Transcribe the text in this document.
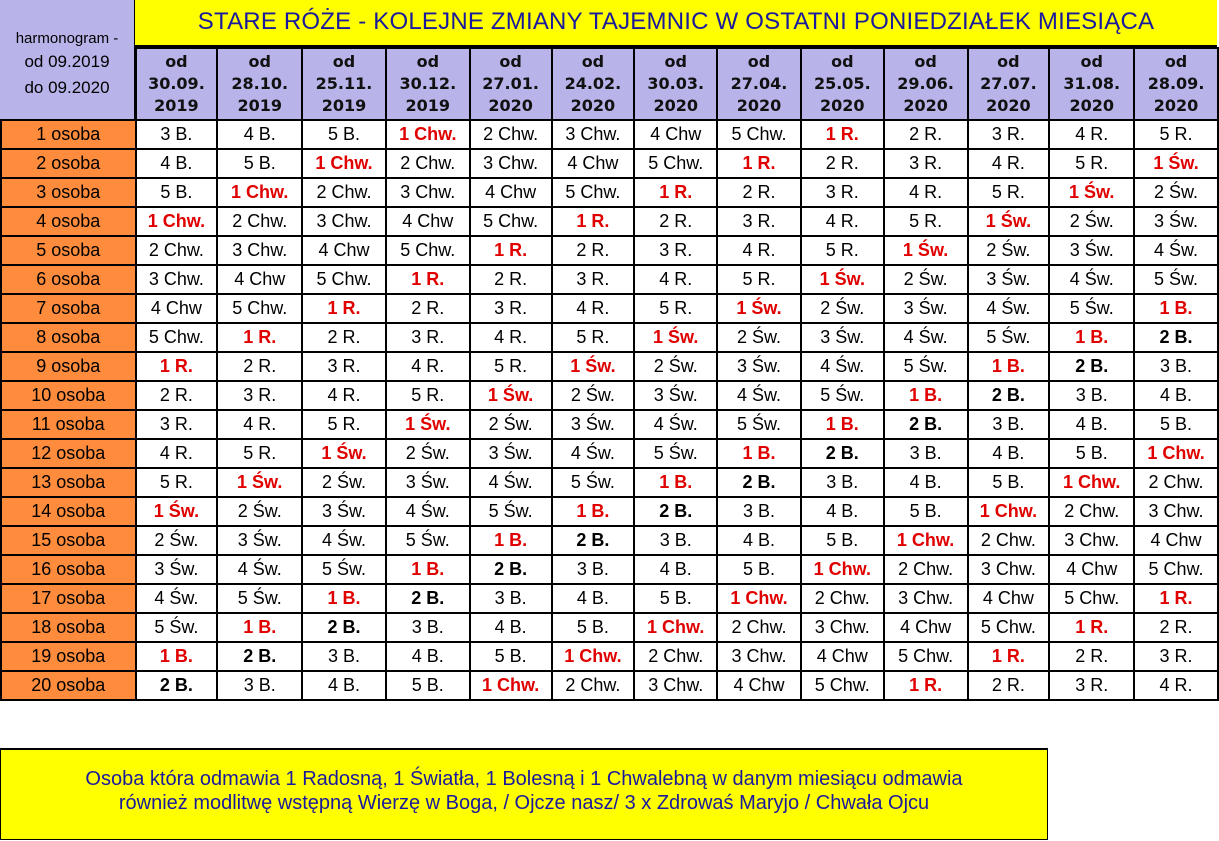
harmonogram -
od 09.2019
do 09.2020
STARE RÓŻE - KOLEJNE ZMIANY TAJEMNIC W OSTATNI PONIEDZIAŁEK MIESIĄCA

	od
30.09.
2019	od
28.10.
2019	od
25.11.
2019	od
30.12.
2019	od
27.01.
2020	od
24.02.
2020	od
30.03.
2020	od
27.04.
2020	od
25.05.
2020	od
29.06.
2020	od
27.07.
2020	od
31.08.
2020	od
28.09.
2020

1 osoba	3 B.	4 B.	5 B.	1 Chw.	2 Chw.	3 Chw.	4 Chw	5 Chw.	1 R.	2 R.	3 R.	4 R.	5 R.
2 osoba	4 B.	5 B.	1 Chw.	2 Chw.	3 Chw.	4 Chw	5 Chw.	1 R.	2 R.	3 R.	4 R.	5 R.	1 Św.
3 osoba	5 B.	1 Chw.	2 Chw.	3 Chw.	4 Chw	5 Chw.	1 R.	2 R.	3 R.	4 R.	5 R.	1 Św.	2 Św.
4 osoba	1 Chw.	2 Chw.	3 Chw.	4 Chw	5 Chw.	1 R.	2 R.	3 R.	4 R.	5 R.	1 Św.	2 Św.	3 Św.
5 osoba	2 Chw.	3 Chw.	4 Chw	5 Chw.	1 R.	2 R.	3 R.	4 R.	5 R.	1 Św.	2 Św.	3 Św.	4 Św.
6 osoba	3 Chw.	4 Chw	5 Chw.	1 R.	2 R.	3 R.	4 R.	5 R.	1 Św.	2 Św.	3 Św.	4 Św.	5 Św.
7 osoba	4 Chw	5 Chw.	1 R.	2 R.	3 R.	4 R.	5 R.	1 Św.	2 Św.	3 Św.	4 Św.	5 Św.	1 B.
8 osoba	5 Chw.	1 R.	2 R.	3 R.	4 R.	5 R.	1 Św.	2 Św.	3 Św.	4 Św.	5 Św.	1 B.	2 B.
9 osoba	1 R.	2 R.	3 R.	4 R.	5 R.	1 Św.	2 Św.	3 Św.	4 Św.	5 Św.	1 B.	2 B.	3 B.
10 osoba	2 R.	3 R.	4 R.	5 R.	1 Św.	2 Św.	3 Św.	4 Św.	5 Św.	1 B.	2 B.	3 B.	4 B.
11 osoba	3 R.	4 R.	5 R.	1 Św.	2 Św.	3 Św.	4 Św.	5 Św.	1 B.	2 B.	3 B.	4 B.	5 B.
12 osoba	4 R.	5 R.	1 Św.	2 Św.	3 Św.	4 Św.	5 Św.	1 B.	2 B.	3 B.	4 B.	5 B.	1 Chw.
13 osoba	5 R.	1 Św.	2 Św.	3 Św.	4 Św.	5 Św.	1 B.	2 B.	3 B.	4 B.	5 B.	1 Chw.	2 Chw.
14 osoba	1 Św.	2 Św.	3 Św.	4 Św.	5 Św.	1 B.	2 B.	3 B.	4 B.	5 B.	1 Chw.	2 Chw.	3 Chw.
15 osoba	2 Św.	3 Św.	4 Św.	5 Św.	1 B.	2 B.	3 B.	4 B.	5 B.	1 Chw.	2 Chw.	3 Chw.	4 Chw
16 osoba	3 Św.	4 Św.	5 Św.	1 B.	2 B.	3 B.	4 B.	5 B.	1 Chw.	2 Chw.	3 Chw.	4 Chw	5 Chw.
17 osoba	4 Św.	5 Św.	1 B.	2 B.	3 B.	4 B.	5 B.	1 Chw.	2 Chw.	3 Chw.	4 Chw	5 Chw.	1 R.
18 osoba	5 Św.	1 B.	2 B.	3 B.	4 B.	5 B.	1 Chw.	2 Chw.	3 Chw.	4 Chw	5 Chw.	1 R.	2 R.
19 osoba	1 B.	2 B.	3 B.	4 B.	5 B.	1 Chw.	2 Chw.	3 Chw.	4 Chw	5 Chw.	1 R.	2 R.	3 R.
20 osoba	2 B.	3 B.	4 B.	5 B.	1 Chw.	2 Chw.	3 Chw.	4 Chw	5 Chw.	1 R.	2 R.	3 R.	4 R.
Osoba która odmawia 1 Radosną, 1 Światła, 1 Bolesną i 1 Chwalebną w danym miesiącu odmawia
również modlitwę wstępną Wierzę w Boga, / Ojcze nasz/ 3 x Zdrowaś Maryjo / Chwała Ojcu
